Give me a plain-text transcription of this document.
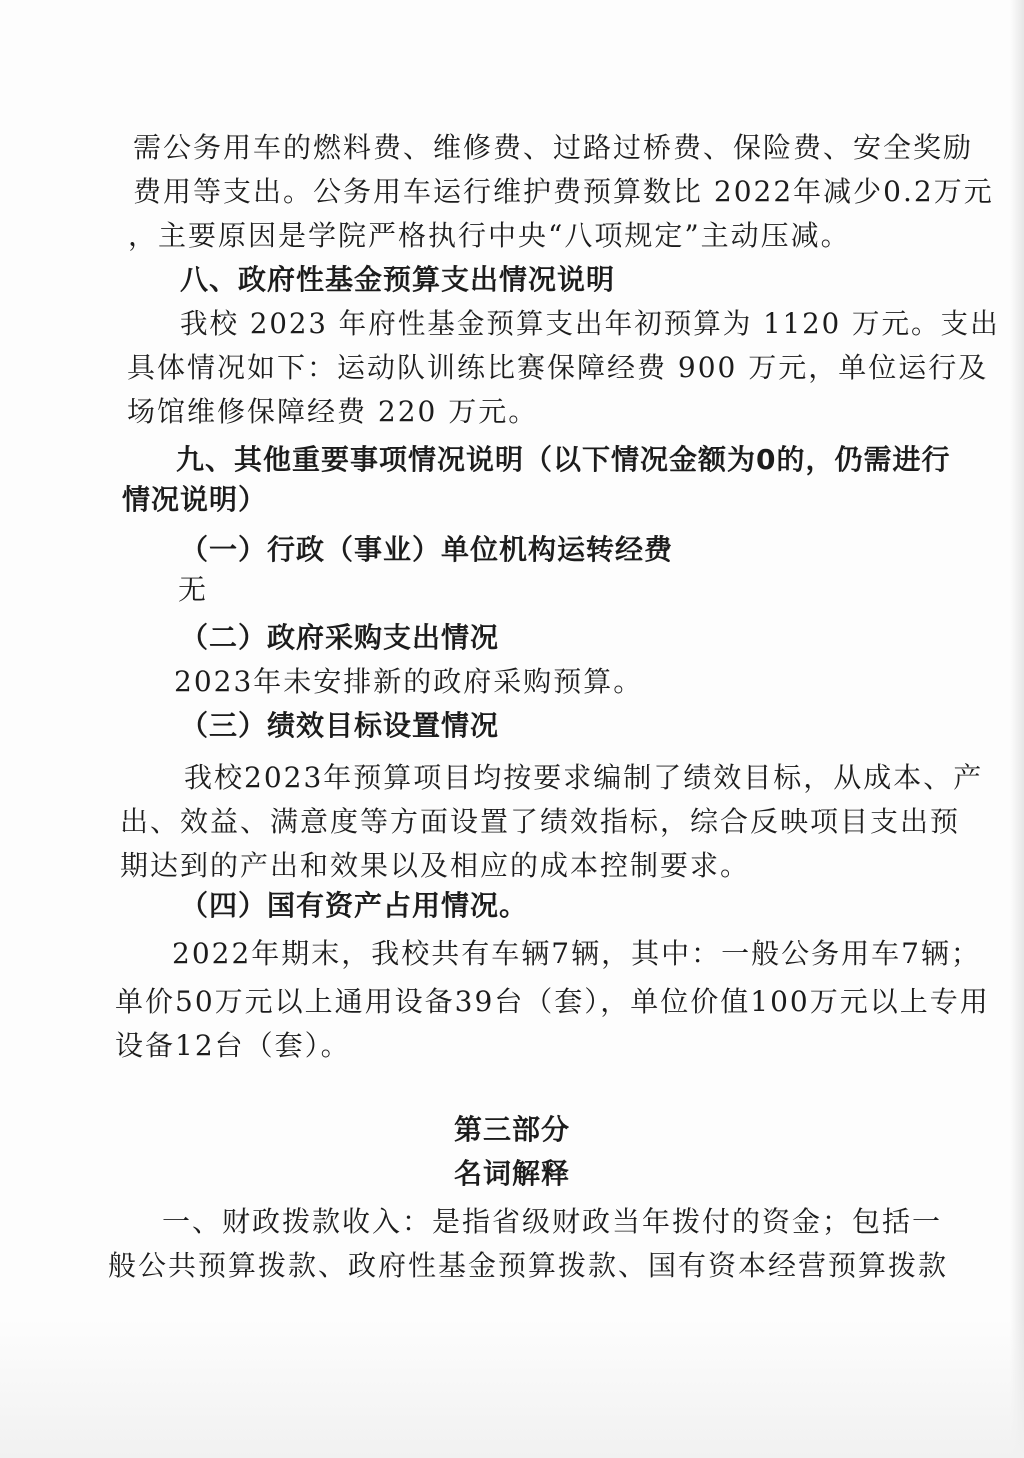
需公务用车的燃料费、维修费、过路过桥费、保险费、安全奖励
费用等支出。公务用车运行维护费预算数比 2022年减少0.2万元
，主要原因是学院严格执行中央“八项规定”主动压减。
八、政府性基金预算支出情况说明
我校 2023 年府性基金预算支出年初预算为 1120 万元。支出
具体情况如下：运动队训练比赛保障经费 900 万元，单位运行及
场馆维修保障经费 220 万元。
九、其他重要事项情况说明（以下情况金额为0的，仍需进行
情况说明）
（一）行政（事业）单位机构运转经费
无
（二）政府采购支出情况
2023年未安排新的政府采购预算。
（三）绩效目标设置情况
我校2023年预算项目均按要求编制了绩效目标，从成本、产
出、效益、满意度等方面设置了绩效指标，综合反映项目支出预
期达到的产出和效果以及相应的成本控制要求。
（四）国有资产占用情况。
2022年期末，我校共有车辆7辆，其中：一般公务用车7辆；
单价50万元以上通用设备39台（套），单位价值100万元以上专用
设备12台（套）。
第三部分
名词解释
一、财政拨款收入：是指省级财政当年拨付的资金；包括一
般公共预算拨款、政府性基金预算拨款、国有资本经营预算拨款
